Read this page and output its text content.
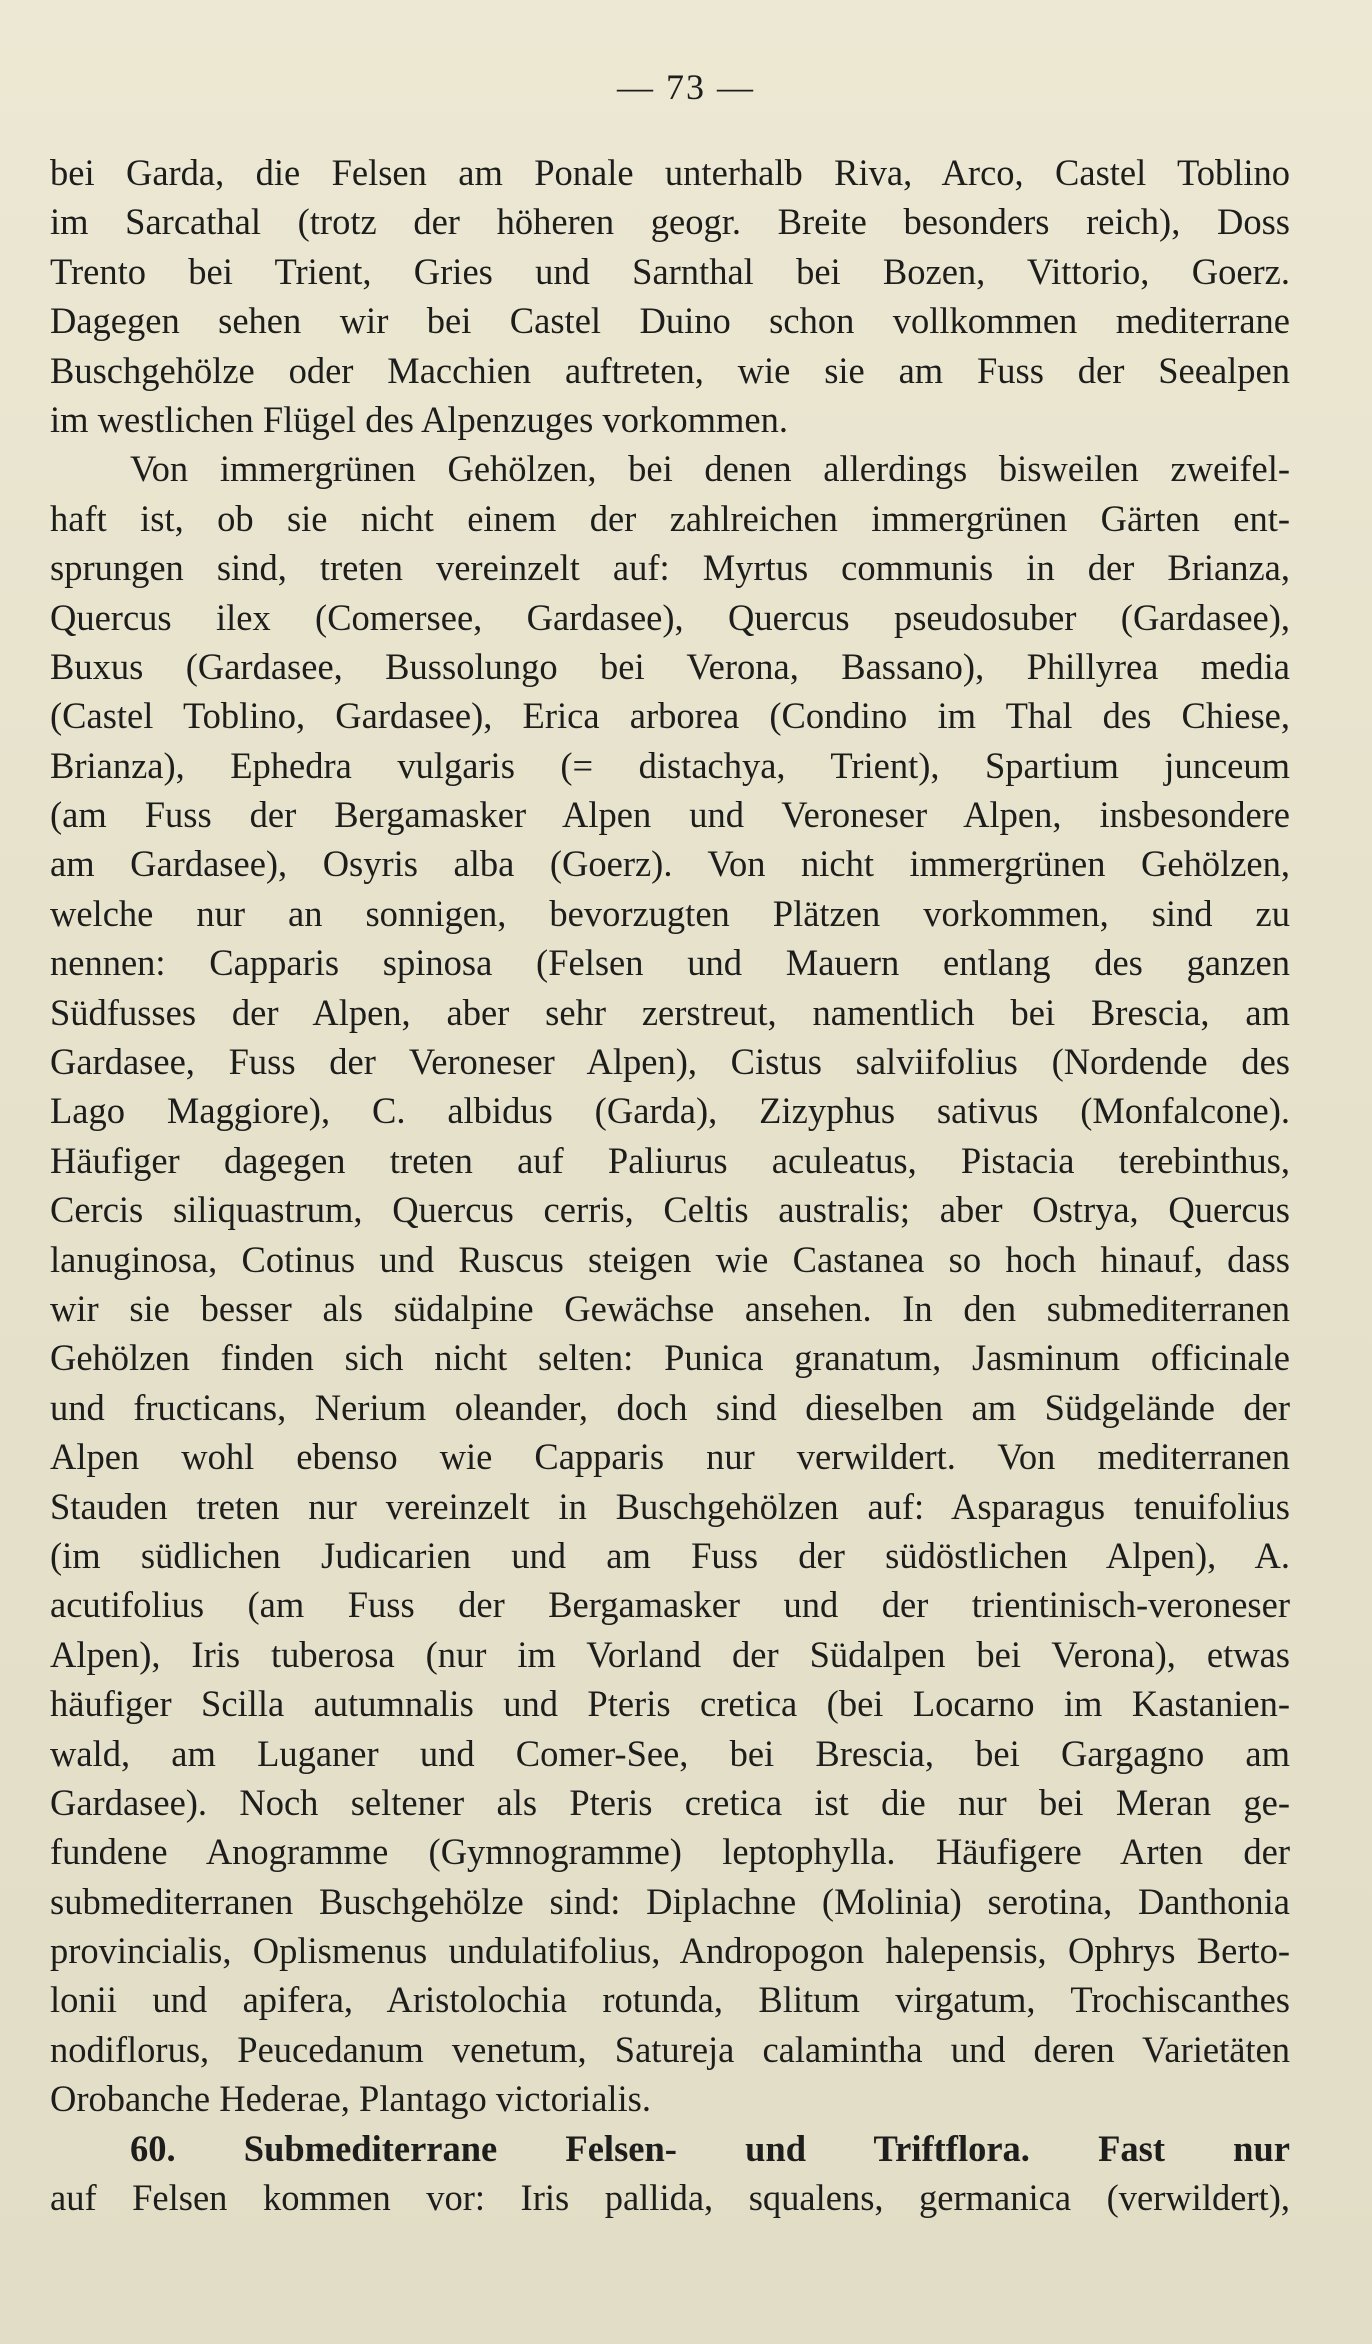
— 73 —
bei Garda, die Felsen am Ponale unterhalb Riva, Arco, Castel Toblino
im Sarcathal (trotz der höheren geogr. Breite besonders reich), Doss
Trento bei Trient, Gries und Sarnthal bei Bozen, Vittorio, Goerz.
Dagegen sehen wir bei Castel Duino schon vollkommen mediterrane
Buschgehölze oder Macchien auftreten, wie sie am Fuss der Seealpen
im westlichen Flügel des Alpenzuges vorkommen.
Von immergrünen Gehölzen, bei denen allerdings bisweilen zweifel-
haft ist, ob sie nicht einem der zahlreichen immergrünen Gärten ent-
sprungen sind, treten vereinzelt auf: Myrtus communis in der Brianza,
Quercus ilex (Comersee, Gardasee), Quercus pseudosuber (Gardasee),
Buxus (Gardasee, Bussolungo bei Verona, Bassano), Phillyrea media
(Castel Toblino, Gardasee), Erica arborea (Condino im Thal des Chiese,
Brianza), Ephedra vulgaris (= distachya, Trient), Spartium junceum
(am Fuss der Bergamasker Alpen und Veroneser Alpen, insbesondere
am Gardasee), Osyris alba (Goerz). Von nicht immergrünen Gehölzen,
welche nur an sonnigen, bevorzugten Plätzen vorkommen, sind zu
nennen: Capparis spinosa (Felsen und Mauern entlang des ganzen
Südfusses der Alpen, aber sehr zerstreut, namentlich bei Brescia, am
Gardasee, Fuss der Veroneser Alpen), Cistus salviifolius (Nordende des
Lago Maggiore), C. albidus (Garda), Zizyphus sativus (Monfalcone).
Häufiger dagegen treten auf Paliurus aculeatus, Pistacia terebinthus,
Cercis siliquastrum, Quercus cerris, Celtis australis; aber Ostrya, Quercus
lanuginosa, Cotinus und Ruscus steigen wie Castanea so hoch hinauf, dass
wir sie besser als südalpine Gewächse ansehen. In den submediterranen
Gehölzen finden sich nicht selten: Punica granatum, Jasminum officinale
und fructicans, Nerium oleander, doch sind dieselben am Südgelände der
Alpen wohl ebenso wie Capparis nur verwildert. Von mediterranen
Stauden treten nur vereinzelt in Buschgehölzen auf: Asparagus tenuifolius
(im südlichen Judicarien und am Fuss der südöstlichen Alpen), A.
acutifolius (am Fuss der Bergamasker und der trientinisch-veroneser
Alpen), Iris tuberosa (nur im Vorland der Südalpen bei Verona), etwas
häufiger Scilla autumnalis und Pteris cretica (bei Locarno im Kastanien-
wald, am Luganer und Comer-See, bei Brescia, bei Gargagno am
Gardasee). Noch seltener als Pteris cretica ist die nur bei Meran ge-
fundene Anogramme (Gymnogramme) leptophylla. Häufigere Arten der
submediterranen Buschgehölze sind: Diplachne (Molinia) serotina, Danthonia
provincialis, Oplismenus undulatifolius, Andropogon halepensis, Ophrys Berto-
lonii und apifera, Aristolochia rotunda, Blitum virgatum, Trochiscanthes
nodiflorus, Peucedanum venetum, Satureja calamintha und deren Varietäten
Orobanche Hederae, Plantago victorialis.
60. Submediterrane Felsen- und Triftflora. Fast nur
auf Felsen kommen vor: Iris pallida, squalens, germanica (verwildert),
